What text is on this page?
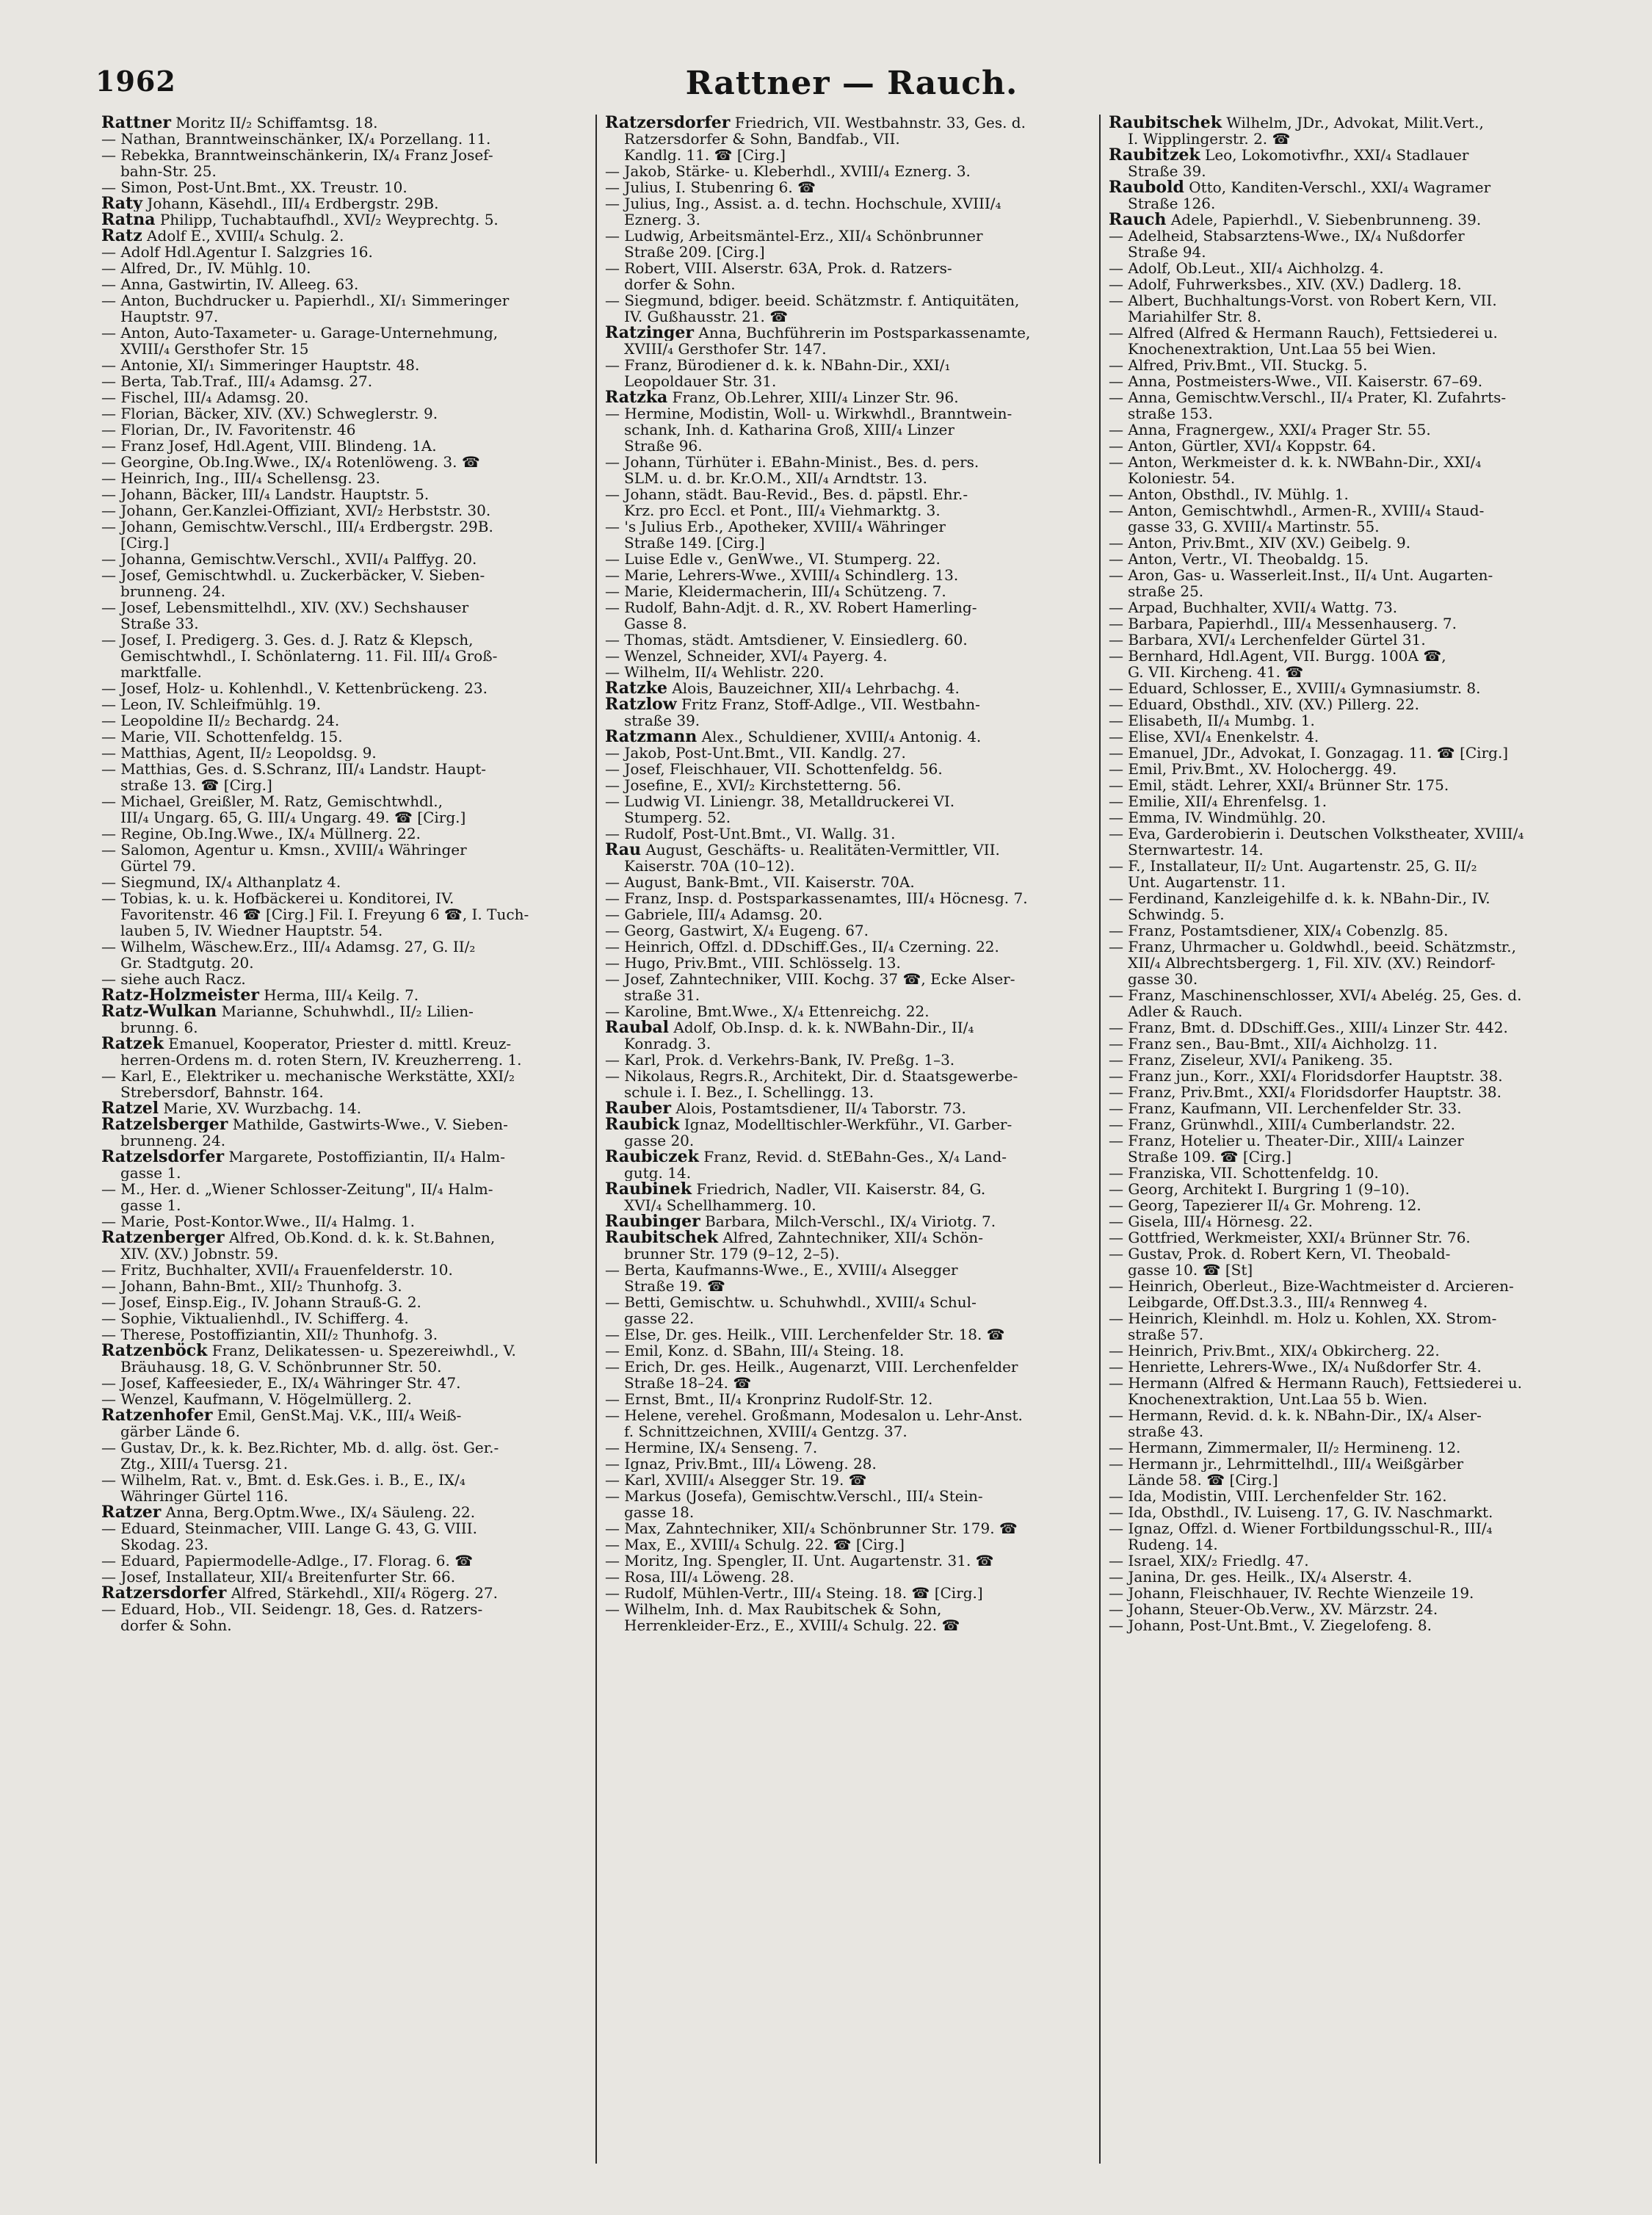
1962	Rattner — Rauch.

Rattner Moritz II/₂ Schiffamtsg. 18.

— Nathan, Branntweinschänker, IX/₄ Porzellang. 11.

— Rebekka, Branntweinschänkerin, IX/₄ Franz Josef-

bahn-Str. 25.

— Simon, Post-Unt.Bmt., XX. Treustr. 10.

Raty Johann, Käsehdl., III/₄ Erdbergstr. 29B.

Ratna Philipp, Tuchabtaufhdl., XVI/₂ Weyprechtg. 5.

Ratz Adolf E., XVIII/₄ Schulg. 2.

— Adolf Hdl.Agentur I. Salzgries 16.

— Alfred, Dr., IV. Mühlg. 10.

— Anna, Gastwirtin, IV. Alleeg. 63.

— Anton, Buchdrucker u. Papierhdl., XI/₁ Simmeringer

Hauptstr. 97.

— Anton, Auto-Taxameter- u. Garage-Unternehmung,

XVIII/₄ Gersthofer Str. 15

— Antonie, XI/₁ Simmeringer Hauptstr. 48.

— Berta, Tab.Traf., III/₄ Adamsg. 27.

— Fischel, III/₄ Adamsg. 20.

— Florian, Bäcker, XIV. (XV.) Schweglerstr. 9.

— Florian, Dr., IV. Favoritenstr. 46

— Franz Josef, Hdl.Agent, VIII. Blindeng. 1A.

— Georgine, Ob.Ing.Wwe., IX/₄ Rotenlöweng. 3. ☎

— Heinrich, Ing., III/₄ Schellensg. 23.

— Johann, Bäcker, III/₄ Landstr. Hauptstr. 5.

— Johann, Ger.Kanzlei-Offiziant, XVI/₂ Herbststr. 30.

— Johann, Gemischtw.Verschl., III/₄ Erdbergstr. 29B.

[Cirg.]

— Johanna, Gemischtw.Verschl., XVII/₄ Palffyg. 20.

— Josef, Gemischtwhdl. u. Zuckerbäcker, V. Sieben-

brunneng. 24.

— Josef, Lebensmittelhdl., XIV. (XV.) Sechshauser

Straße 33.

— Josef, I. Predigerg. 3. Ges. d. J. Ratz & Klepsch,

Gemischtwhdl., I. Schönlaterng. 11. Fil. III/₄ Groß-

marktfalle.

— Josef, Holz- u. Kohlenhdl., V. Kettenbrückeng. 23.

— Leon, IV. Schleifmühlg. 19.

— Leopoldine II/₂ Bechardg. 24.

— Marie, VII. Schottenfeldg. 15.

— Matthias, Agent, II/₂ Leopoldsg. 9.

— Matthias, Ges. d. S.Schranz, III/₄ Landstr. Haupt-

straße 13. ☎ [Cirg.]

— Michael, Greißler, M. Ratz, Gemischtwhdl.,

III/₄ Ungarg. 65, G. III/₄ Ungarg. 49. ☎ [Cirg.]

— Regine, Ob.Ing.Wwe., IX/₄ Müllnerg. 22.

— Salomon, Agentur u. Kmsn., XVIII/₄ Währinger

Gürtel 79.

— Siegmund, IX/₄ Althanplatz 4.

— Tobias, k. u. k. Hofbäckerei u. Konditorei, IV.

Favoritenstr. 46 ☎ [Cirg.] Fil. I. Freyung 6 ☎, I. Tuch-

lauben 5, IV. Wiedner Hauptstr. 54.

— Wilhelm, Wäschew.Erz., III/₄ Adamsg. 27, G. II/₂

Gr. Stadtgutg. 20.

— siehe auch Racz.

Ratz-Holzmeister Herma, III/₄ Keilg. 7.

Ratz-Wulkan Marianne, Schuhwhdl., II/₂ Lilien-

brunng. 6.

Ratzek Emanuel, Kooperator, Priester d. mittl. Kreuz-

herren-Ordens m. d. roten Stern, IV. Kreuzherreng. 1.

— Karl, E., Elektriker u. mechanische Werkstätte, XXI/₂

Strebersdorf, Bahnstr. 164.

Ratzel Marie, XV. Wurzbachg. 14.

Ratzelsberger Mathilde, Gastwirts-Wwe., V. Sieben-

brunneng. 24.

Ratzelsdorfer Margarete, Postoffiziantin, II/₄ Halm-

gasse 1.

— M., Her. d. „Wiener Schlosser-Zeitung", II/₄ Halm-

gasse 1.

— Marie, Post-Kontor.Wwe., II/₄ Halmg. 1.

Ratzenberger Alfred, Ob.Kond. d. k. k. St.Bahnen,

XIV. (XV.) Jobnstr. 59.

— Fritz, Buchhalter, XVII/₄ Frauenfelderstr. 10.

— Johann, Bahn-Bmt., XII/₂ Thunhofg. 3.

— Josef, Einsp.Eig., IV. Johann Strauß-G. 2.

— Sophie, Viktualienhdl., IV. Schifferg. 4.

— Therese, Postoffiziantin, XII/₂ Thunhofg. 3.

Ratzenböck Franz, Delikatessen- u. Spezereiwhdl., V.

Bräuhausg. 18, G. V. Schönbrunner Str. 50.

— Josef, Kaffeesieder, E., IX/₄ Währinger Str. 47.

— Wenzel, Kaufmann, V. Högelmüllerg. 2.

Ratzenhofer Emil, GenSt.Maj. V.K., III/₄ Weiß-

gärber Lände 6.

— Gustav, Dr., k. k. Bez.Richter, Mb. d. allg. öst. Ger.-

Ztg., XIII/₄ Tuersg. 21.

— Wilhelm, Rat. v., Bmt. d. Esk.Ges. i. B., E., IX/₄

Währinger Gürtel 116.

Ratzer Anna, Berg.Optm.Wwe., IX/₄ Säuleng. 22.

— Eduard, Steinmacher, VIII. Lange G. 43, G. VIII.

Skodag. 23.

— Eduard, Papiermodelle-Adlge., I7. Florag. 6. ☎

— Josef, Installateur, XII/₄ Breitenfurter Str. 66.

Ratzersdorfer Alfred, Stärkehdl., XII/₄ Rögerg. 27.

— Eduard, Hob., VII. Seidengr. 18, Ges. d. Ratzers-

dorfer & Sohn.

Ratzersdorfer Friedrich, VII. Westbahnstr. 33, Ges. d.

Ratzersdorfer & Sohn, Bandfab., VII.

Kandlg. 11. ☎ [Cirg.]

— Jakob, Stärke- u. Kleberhdl., XVIII/₄ Eznerg. 3.

— Julius, I. Stubenring 6. ☎

— Julius, Ing., Assist. a. d. techn. Hochschule, XVIII/₄

Eznerg. 3.

— Ludwig, Arbeitsmäntel-Erz., XII/₄ Schönbrunner

Straße 209. [Cirg.]

— Robert, VIII. Alserstr. 63A, Prok. d. Ratzers-

dorfer & Sohn.

— Siegmund, bdiger. beeid. Schätzmstr. f. Antiquitäten,

IV. Gußhausstr. 21. ☎

Ratzinger Anna, Buchführerin im Postsparkassenamte,

XVIII/₄ Gersthofer Str. 147.

— Franz, Bürodiener d. k. k. NBahn-Dir., XXI/₁

Leopoldauer Str. 31.

Ratzka Franz, Ob.Lehrer, XIII/₄ Linzer Str. 96.

— Hermine, Modistin, Woll- u. Wirkwhdl., Branntwein-

schank, Inh. d. Katharina Groß, XIII/₄ Linzer

Straße 96.

— Johann, Türhüter i. EBahn-Minist., Bes. d. pers.

SLM. u. d. br. Kr.O.M., XII/₄ Arndtstr. 13.

— Johann, städt. Bau-Revid., Bes. d. päpstl. Ehr.-

Krz. pro Eccl. et Pont., III/₄ Viehmarktg. 3.

— 's Julius Erb., Apotheker, XVIII/₄ Währinger

Straße 149. [Cirg.]

— Luise Edle v., GenWwe., VI. Stumperg. 22.

— Marie, Lehrers-Wwe., XVIII/₄ Schindlerg. 13.

— Marie, Kleidermacherin, III/₄ Schützeng. 7.

— Rudolf, Bahn-Adjt. d. R., XV. Robert Hamerling-

Gasse 8.

— Thomas, städt. Amtsdiener, V. Einsiedlerg. 60.

— Wenzel, Schneider, XVI/₄ Payerg. 4.

— Wilhelm, II/₄ Wehlistr. 220.

Ratzke Alois, Bauzeichner, XII/₄ Lehrbachg. 4.

Ratzlow Fritz Franz, Stoff-Adlge., VII. Westbahn-

straße 39.

Ratzmann Alex., Schuldiener, XVIII/₄ Antonig. 4.

— Jakob, Post-Unt.Bmt., VII. Kandlg. 27.

— Josef, Fleischhauer, VII. Schottenfeldg. 56.

— Josefine, E., XVI/₂ Kirchstetterng. 56.

— Ludwig VI. Liniengr. 38, Metalldruckerei VI.

Stumperg. 52.

— Rudolf, Post-Unt.Bmt., VI. Wallg. 31.

Rau August, Geschäfts- u. Realitäten-Vermittler, VII.

Kaiserstr. 70A (10–12).

— August, Bank-Bmt., VII. Kaiserstr. 70A.

— Franz, Insp. d. Postsparkassenamtes, III/₄ Höcnesg. 7.

— Gabriele, III/₄ Adamsg. 20.

— Georg, Gastwirt, X/₄ Eugeng. 67.

— Heinrich, Offzl. d. DDschiff.Ges., II/₄ Czerning. 22.

— Hugo, Priv.Bmt., VIII. Schlösselg. 13.

— Josef, Zahntechniker, VIII. Kochg. 37 ☎, Ecke Alser-

straße 31.

— Karoline, Bmt.Wwe., X/₄ Ettenreichg. 22.

Raubal Adolf, Ob.Insp. d. k. k. NWBahn-Dir., II/₄

Konradg. 3.

— Karl, Prok. d. Verkehrs-Bank, IV. Preßg. 1–3.

— Nikolaus, Regrs.R., Architekt, Dir. d. Staatsgewerbe-

schule i. I. Bez., I. Schellingg. 13.

Rauber Alois, Postamtsdiener, II/₄ Taborstr. 73.

Raubick Ignaz, Modelltischler-Werkführ., VI. Garber-

gasse 20.

Raubiczek Franz, Revid. d. StEBahn-Ges., X/₄ Land-

gutg. 14.

Raubinek Friedrich, Nadler, VII. Kaiserstr. 84, G.

XVI/₄ Schellhammerg. 10.

Raubinger Barbara, Milch-Verschl., IX/₄ Viriotg. 7.

Raubitschek Alfred, Zahntechniker, XII/₄ Schön-

brunner Str. 179 (9–12, 2–5).

— Berta, Kaufmanns-Wwe., E., XVIII/₄ Alsegger

Straße 19. ☎

— Betti, Gemischtw. u. Schuhwhdl., XVIII/₄ Schul-

gasse 22.

— Else, Dr. ges. Heilk., VIII. Lerchenfelder Str. 18. ☎

— Emil, Konz. d. SBahn, III/₄ Steing. 18.

— Erich, Dr. ges. Heilk., Augenarzt, VIII. Lerchenfelder

Straße 18–24. ☎

— Ernst, Bmt., II/₄ Kronprinz Rudolf-Str. 12.

— Helene, verehel. Großmann, Modesalon u. Lehr-Anst.

f. Schnittzeichnen, XVIII/₄ Gentzg. 37.

— Hermine, IX/₄ Senseng. 7.

— Ignaz, Priv.Bmt., III/₄ Löweng. 28.

— Karl, XVIII/₄ Alsegger Str. 19. ☎

— Markus (Josefa), Gemischtw.Verschl., III/₄ Stein-

gasse 18.

— Max, Zahntechniker, XII/₄ Schönbrunner Str. 179. ☎

— Max, E., XVIII/₄ Schulg. 22. ☎ [Cirg.]

— Moritz, Ing. Spengler, II. Unt. Augartenstr. 31. ☎

— Rosa, III/₄ Löweng. 28.

— Rudolf, Mühlen-Vertr., III/₄ Steing. 18. ☎ [Cirg.]

— Wilhelm, Inh. d. Max Raubitschek & Sohn,

Herrenkleider-Erz., E., XVIII/₄ Schulg. 22. ☎

Raubitschek Wilhelm, JDr., Advokat, Milit.Vert.,

I. Wipplingerstr. 2. ☎

Raubitzek Leo, Lokomotivfhr., XXI/₄ Stadlauer

Straße 39.

Raubold Otto, Kanditen-Verschl., XXI/₄ Wagramer

Straße 126.

Rauch Adele, Papierhdl., V. Siebenbrunneng. 39.

— Adelheid, Stabsarztens-Wwe., IX/₄ Nußdorfer

Straße 94.

— Adolf, Ob.Leut., XII/₄ Aichholzg. 4.

— Adolf, Fuhrwerksbes., XIV. (XV.) Dadlerg. 18.

— Albert, Buchhaltungs-Vorst. von Robert Kern, VII.

Mariahilfer Str. 8.

— Alfred (Alfred & Hermann Rauch), Fettsiederei u.

Knochenextraktion, Unt.Laa 55 bei Wien.

— Alfred, Priv.Bmt., VII. Stuckg. 5.

— Anna, Postmeisters-Wwe., VII. Kaiserstr. 67–69.

— Anna, Gemischtw.Verschl., II/₄ Prater, Kl. Zufahrts-

straße 153.

— Anna, Fragnergew., XXI/₄ Prager Str. 55.

— Anton, Gürtler, XVI/₄ Koppstr. 64.

— Anton, Werkmeister d. k. k. NWBahn-Dir., XXI/₄

Koloniestr. 54.

— Anton, Obsthdl., IV. Mühlg. 1.

— Anton, Gemischtwhdl., Armen-R., XVIII/₄ Staud-

gasse 33, G. XVIII/₄ Martinstr. 55.

— Anton, Priv.Bmt., XIV (XV.) Geibelg. 9.

— Anton, Vertr., VI. Theobaldg. 15.

— Aron, Gas- u. Wasserleit.Inst., II/₄ Unt. Augarten-

straße 25.

— Arpad, Buchhalter, XVII/₄ Wattg. 73.

— Barbara, Papierhdl., III/₄ Messenhauserg. 7.

— Barbara, XVI/₄ Lerchenfelder Gürtel 31.

— Bernhard, Hdl.Agent, VII. Burgg. 100A ☎,

G. VII. Kircheng. 41. ☎

— Eduard, Schlosser, E., XVIII/₄ Gymnasiumstr. 8.

— Eduard, Obsthdl., XIV. (XV.) Pillerg. 22.

— Elisabeth, II/₄ Mumbg. 1.

— Elise, XVI/₄ Enenkelstr. 4.

— Emanuel, JDr., Advokat, I. Gonzagag. 11. ☎ [Cirg.]

— Emil, Priv.Bmt., XV. Holochergg. 49.

— Emil, städt. Lehrer, XXI/₄ Brünner Str. 175.

— Emilie, XII/₄ Ehrenfelsg. 1.

— Emma, IV. Windmühlg. 20.

— Eva, Garderobierin i. Deutschen Volkstheater, XVIII/₄

Sternwartestr. 14.

— F., Installateur, II/₂ Unt. Augartenstr. 25, G. II/₂

Unt. Augartenstr. 11.

— Ferdinand, Kanzleigehilfe d. k. k. NBahn-Dir., IV.

Schwindg. 5.

— Franz, Postamtsdiener, XIX/₄ Cobenzlg. 85.

— Franz, Uhrmacher u. Goldwhdl., beeid. Schätzmstr.,

XII/₄ Albrechtsbergerg. 1, Fil. XIV. (XV.) Reindorf-

gasse 30.

— Franz, Maschinenschlosser, XVI/₄ Abelég. 25, Ges. d.

Adler & Rauch.

— Franz, Bmt. d. DDschiff.Ges., XIII/₄ Linzer Str. 442.

— Franz sen., Bau-Bmt., XII/₄ Aichholzg. 11.

— Franz, Ziseleur, XVI/₄ Panikeng. 35.

— Franz jun., Korr., XXI/₄ Floridsdorfer Hauptstr. 38.

— Franz, Priv.Bmt., XXI/₄ Floridsdorfer Hauptstr. 38.

— Franz, Kaufmann, VII. Lerchenfelder Str. 33.

— Franz, Grünwhdl., XIII/₄ Cumberlandstr. 22.

— Franz, Hotelier u. Theater-Dir., XIII/₄ Lainzer

Straße 109. ☎ [Cirg.]

— Franziska, VII. Schottenfeldg. 10.

— Georg, Architekt I. Burgring 1 (9–10).

— Georg, Tapezierer II/₄ Gr. Mohreng. 12.

— Gisela, III/₄ Hörnesg. 22.

— Gottfried, Werkmeister, XXI/₄ Brünner Str. 76.

— Gustav, Prok. d. Robert Kern, VI. Theobald-

gasse 10. ☎ [St]

— Heinrich, Oberleut., Bize-Wachtmeister d. Arcieren-

Leibgarde, Off.Dst.3.3., III/₄ Rennweg 4.

— Heinrich, Kleinhdl. m. Holz u. Kohlen, XX. Strom-

straße 57.

— Heinrich, Priv.Bmt., XIX/₄ Obkircherg. 22.

— Henriette, Lehrers-Wwe., IX/₄ Nußdorfer Str. 4.

— Hermann (Alfred & Hermann Rauch), Fettsiederei u.

Knochenextraktion, Unt.Laa 55 b. Wien.

— Hermann, Revid. d. k. k. NBahn-Dir., IX/₄ Alser-

straße 43.

— Hermann, Zimmermaler, II/₂ Hermineng. 12.

— Hermann jr., Lehrmittelhdl., III/₄ Weißgärber

Lände 58. ☎ [Cirg.]

— Ida, Modistin, VIII. Lerchenfelder Str. 162.

— Ida, Obsthdl., IV. Luiseng. 17, G. IV. Naschmarkt.

— Ignaz, Offzl. d. Wiener Fortbildungsschul-R., III/₄

Rudeng. 14.

— Israel, XIX/₂ Friedlg. 47.

— Janina, Dr. ges. Heilk., IX/₄ Alserstr. 4.

— Johann, Fleischhauer, IV. Rechte Wienzeile 19.

— Johann, Steuer-Ob.Verw., XV. Märzstr. 24.

— Johann, Post-Unt.Bmt., V. Ziegelofeng. 8.
